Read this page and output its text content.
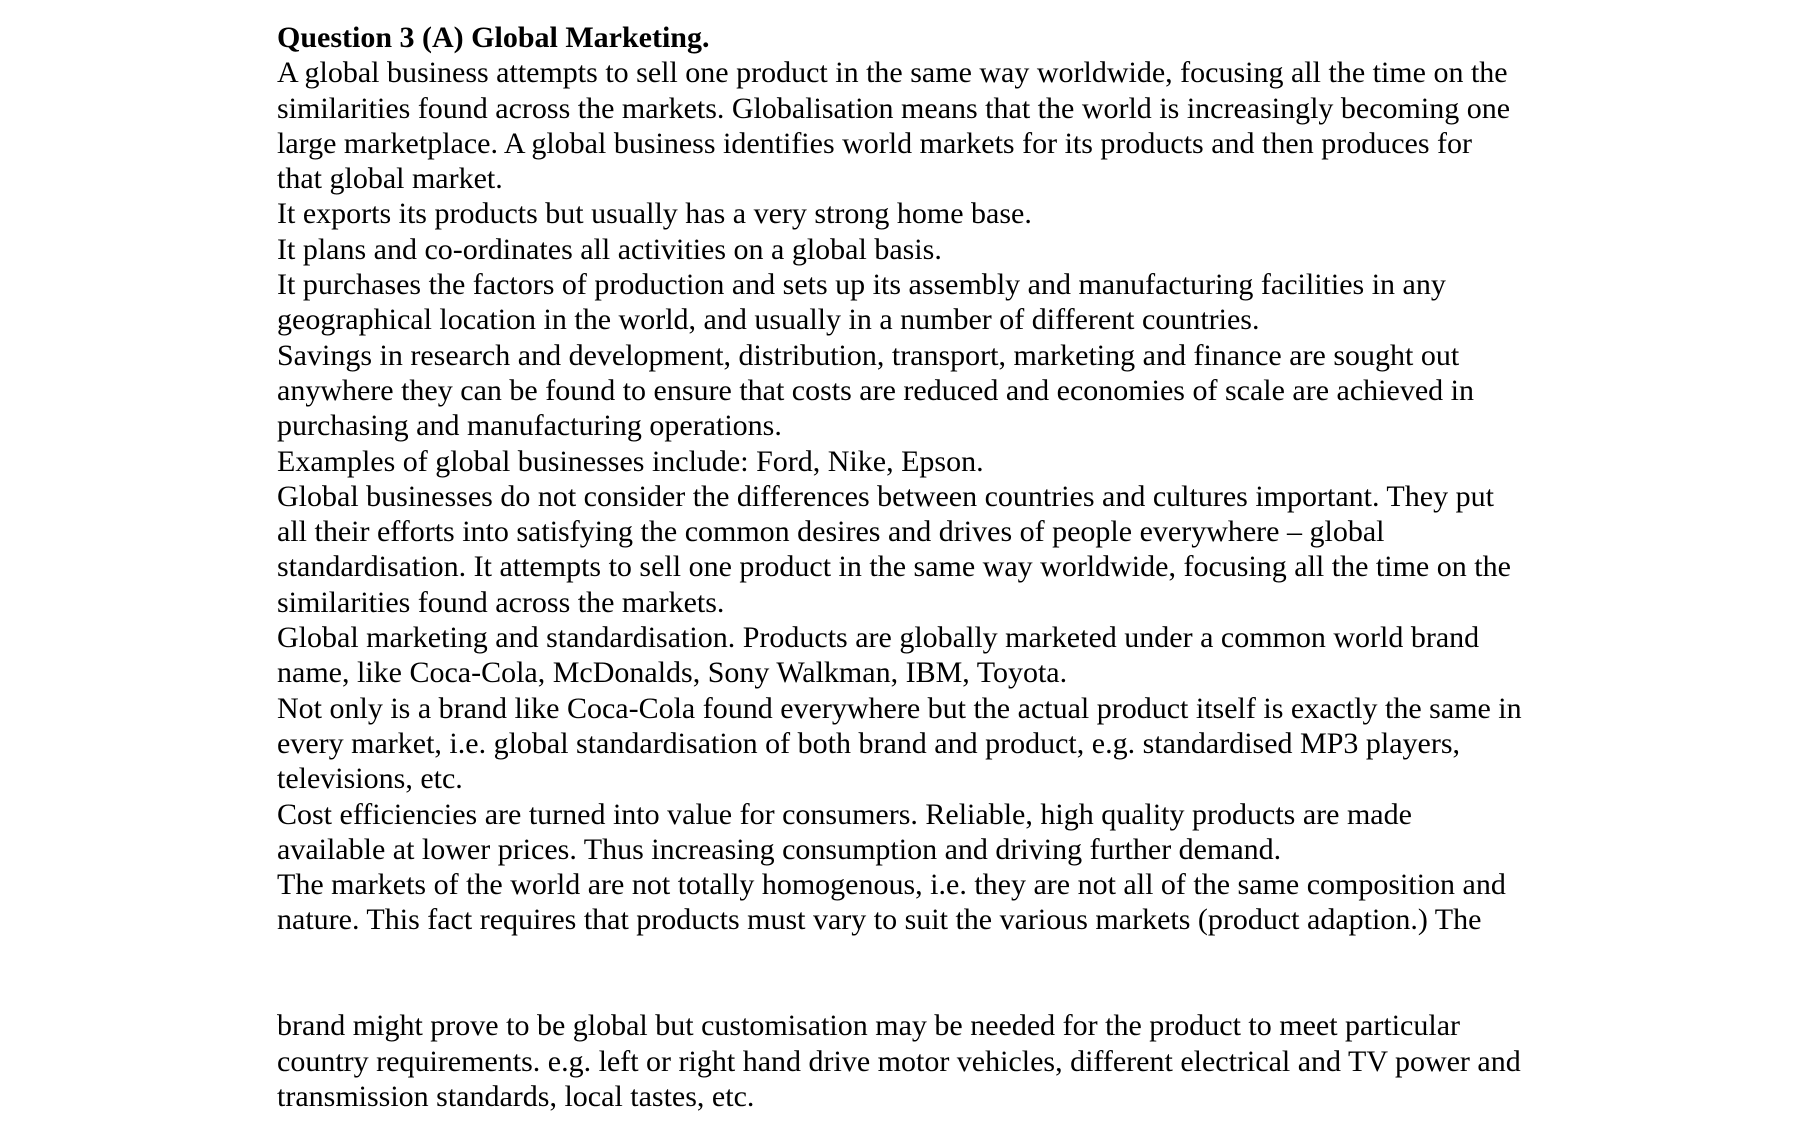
Question 3 (A) Global Marketing.
A global business attempts to sell one product in the same way worldwide, focusing all the time on the
similarities found across the markets. Globalisation means that the world is increasingly becoming one
large marketplace. A global business identifies world markets for its products and then produces for
that global market.
It exports its products but usually has a very strong home base.
It plans and co-ordinates all activities on a global basis.
It purchases the factors of production and sets up its assembly and manufacturing facilities in any
geographical location in the world, and usually in a number of different countries.
Savings in research and development, distribution, transport, marketing and finance are sought out
anywhere they can be found to ensure that costs are reduced and economies of scale are achieved in
purchasing and manufacturing operations.
Examples of global businesses include: Ford, Nike, Epson.
Global businesses do not consider the differences between countries and cultures important. They put
all their efforts into satisfying the common desires and drives of people everywhere – global
standardisation. It attempts to sell one product in the same way worldwide, focusing all the time on the
similarities found across the markets.
Global marketing and standardisation. Products are globally marketed under a common world brand
name, like Coca-Cola, McDonalds, Sony Walkman, IBM, Toyota.
Not only is a brand like Coca-Cola found everywhere but the actual product itself is exactly the same in
every market, i.e. global standardisation of both brand and product, e.g. standardised MP3 players,
televisions, etc.
Cost efficiencies are turned into value for consumers. Reliable, high quality products are made
available at lower prices. Thus increasing consumption and driving further demand.
The markets of the world are not totally homogenous, i.e. they are not all of the same composition and
nature. This fact requires that products must vary to suit the various markets (product adaption.) The
brand might prove to be global but customisation may be needed for the product to meet particular
country requirements. e.g. left or right hand drive motor vehicles, different electrical and TV power and
transmission standards, local tastes, etc.
